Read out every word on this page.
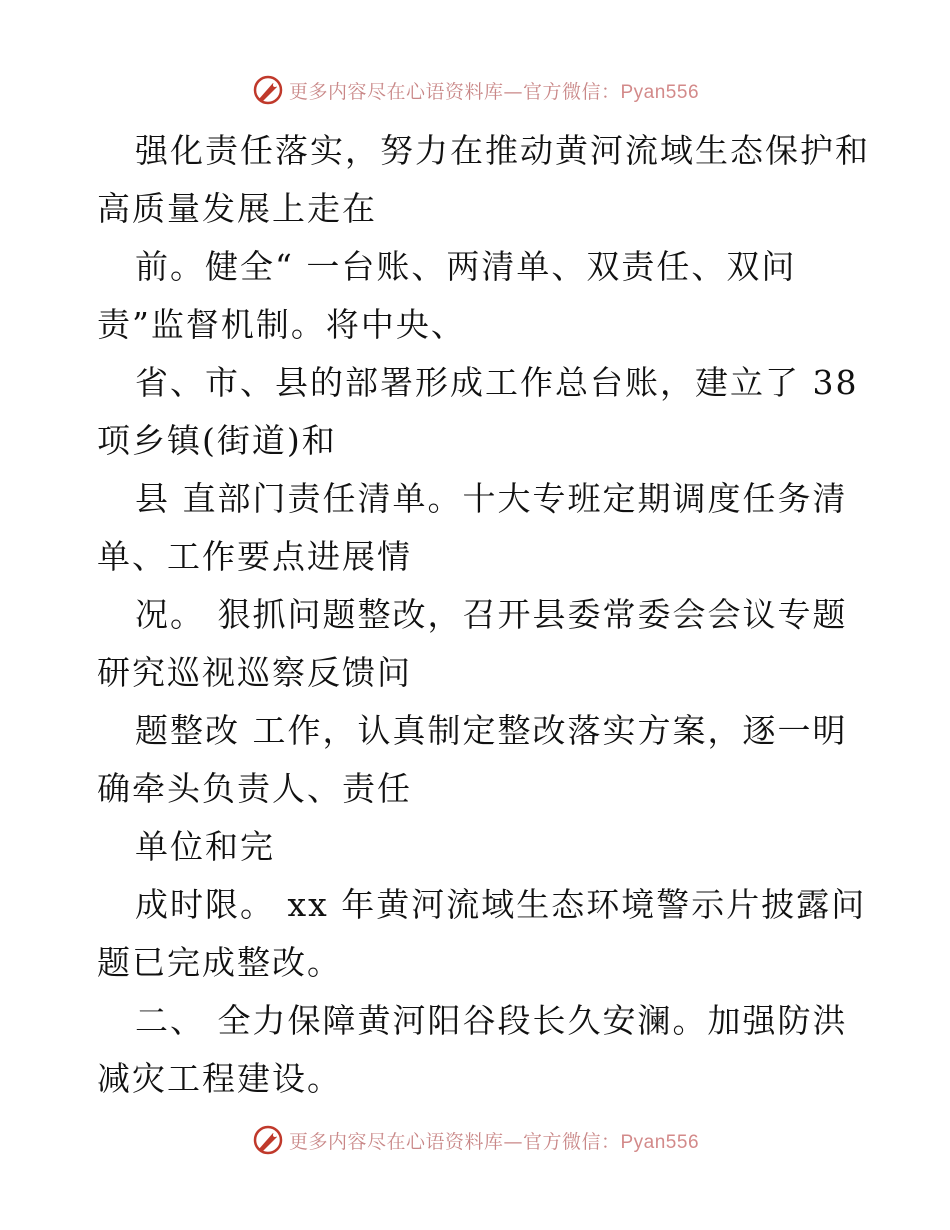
更多内容尽在心语资料库—官方微信：Pyan556
强化责任落实，努力在推动黄河流域生态保护和
高质量发展上走在
前。健全“ 一台账、两清单、双责任、双问
责”监督机制。将中央、
省、市、县的部署形成工作总台账，建立了 38
项乡镇(街道)和
县 直部门责任清单。十大专班定期调度任务清
单、工作要点进展情
况。 狠抓问题整改，召开县委常委会会议专题
研究巡视巡察反馈问
题整改 工作，认真制定整改落实方案，逐一明
确牵头负责人、责任
单位和完
成时限。 xx 年黄河流域生态环境警示片披露问
题已完成整改。
二、 全力保障黄河阳谷段长久安澜。加强防洪
减灾工程建设。
更多内容尽在心语资料库—官方微信：Pyan556
